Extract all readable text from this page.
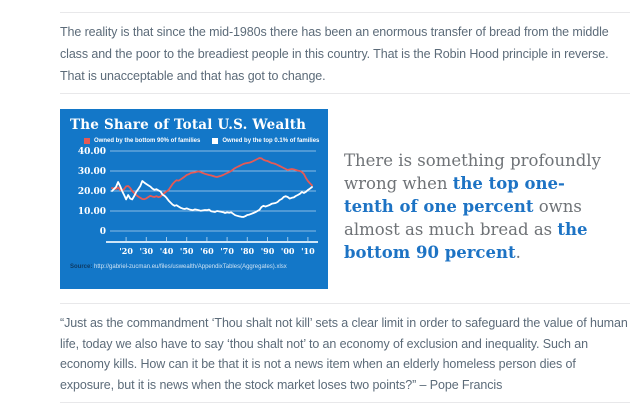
The reality is that since the mid-1980s there has been an enormous transfer of bread from the middle class and the poor to the breadiest people in this country. That is the Robin Hood principle in reverse. That is unacceptable and that has got to change.

The Share of Total U.S. Wealth
Owned by the bottom 90% of families	Owned by the top 0.1% of families
40.00
30.00
20.00
10.00
0
'20 '30 '40 '50 '60 '70 '80 '90 '00 '10
Source: http://gabriel-zucman.eu/files/uswealth/AppendixTables(Aggregates).xlsx
There is something profoundly wrong when the top one-tenth of one percent owns almost as much bread as the bottom 90 percent.

“Just as the commandment ‘Thou shalt not kill’ sets a clear limit in order to safeguard the value of human life, today we also have to say ‘thou shalt not’ to an economy of exclusion and inequality. Such an economy kills. How can it be that it is not a news item when an elderly homeless person dies of exposure, but it is news when the stock market loses two points?” – Pope Francis
